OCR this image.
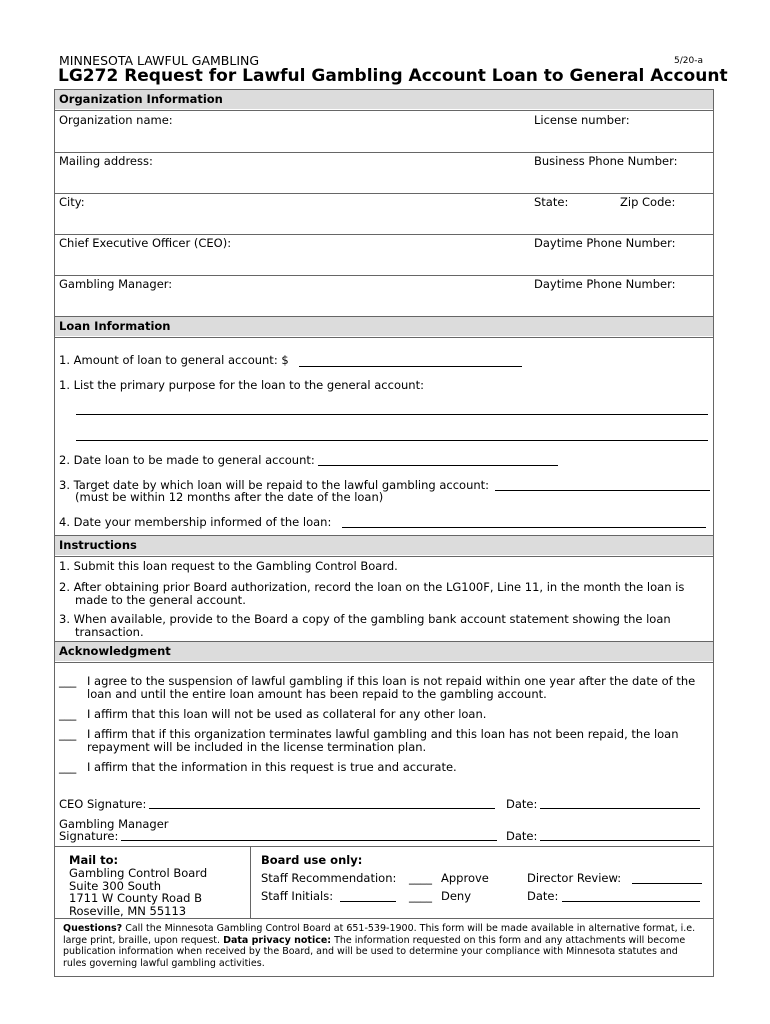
MINNESOTA LAWFUL GAMBLING	5/20-a
LG272 Request for Lawful Gambling Account Loan to General Account
Organization Information
Organization name:	License number:
Mailing address:	Business Phone Number:
City:	State:	Zip Code:
Chief Executive Officer (CEO):	Daytime Phone Number:
Gambling Manager:	Daytime Phone Number:
Loan Information
1. Amount of loan to general account: $
1. List the primary purpose for the loan to the general account:
2. Date loan to be made to general account:
3. Target date by which loan will be repaid to the lawful gambling account:
(must be within 12 months after the date of the loan)
4. Date your membership informed of the loan:
Instructions
1. Submit this loan request to the Gambling Control Board.
2. After obtaining prior Board authorization, record the loan on the LG100F, Line 11, in the month the loan is
made to the general account.
3. When available, provide to the Board a copy of the gambling bank account statement showing the loan
transaction.
Acknowledgment
___ I agree to the suspension of lawful gambling if this loan is not repaid within one year after the date of the
loan and until the entire loan amount has been repaid to the gambling account.
___ I affirm that this loan will not be used as collateral for any other loan.
___ I affirm that if this organization terminates lawful gambling and this loan has not been repaid, the loan
repayment will be included in the license termination plan.
___ I affirm that the information in this request is true and accurate.
CEO Signature:	Date:
Gambling Manager
Signature:	Date:
Mail to:
Gambling Control Board
Suite 300 South
1711 W County Road B
Roseville, MN 55113
Board use only:
Staff Recommendation: ____ Approve	Director Review:
Staff Initials:	____ Deny	Date:
Questions? Call the Minnesota Gambling Control Board at 651-539-1900. This form will be made available in alternative format, i.e. large print, braille, upon request. Data privacy notice: The information requested on this form and any attachments will become publication information when received by the Board, and will be used to determine your compliance with Minnesota statutes and rules governing lawful gambling activities.
